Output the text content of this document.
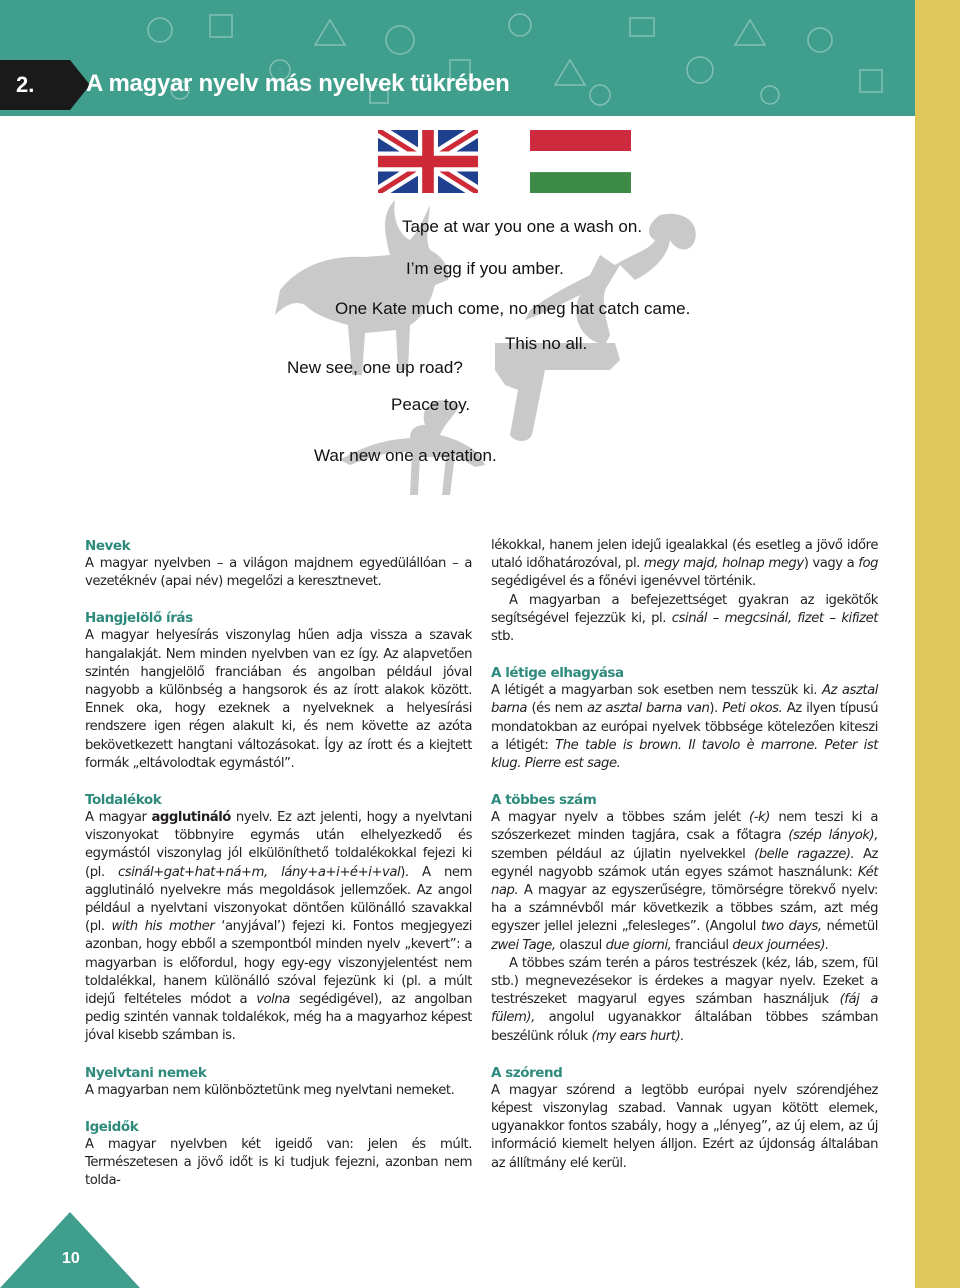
2. A magyar nyelv más nyelvek tükrében
Tape at war you one a wash on.
I’m egg if you amber.
One Kate much come, no meg hat catch came.
This no all.
New see, one up road?
Peace toy.
War new one a vetation.
Nevek

A magyar nyelvben – a világon majdnem egyedülállóan – a vezetéknév (apai név) megelőzi a keresztnevet.

Hangjelölő írás

A magyar helyesírás viszonylag hűen adja vissza a szavak hangalakját. Nem minden nyelvben van ez így. Az alapvetően szintén hangjelölő franciában és angolban például jóval nagyobb a különbség a hangsorok és az írott alakok között. Ennek oka, hogy ezeknek a nyelveknek a helyesírási rendszere igen régen alakult ki, és nem követte az azóta bekövetkezett hangtani változásokat. Így az írott és a kiejtett formák „eltávolodtak egymástól”.

Toldalékok

A magyar agglutináló nyelv. Ez azt jelenti, hogy a nyelvtani viszonyokat többnyire egymás után elhelyezkedő és egymástól viszonylag jól elkülöníthető toldalékokkal fejezi ki (pl. csinál+gat+hat+ná+m, lány+a+i+é+i+val). A nem agglutináló nyelvekre más megoldások jellemzőek. Az angol például a nyelvtani viszonyokat döntően különálló szavakkal (pl. with his mother ‘anyjával’) fejezi ki. Fontos megjegyezi azonban, hogy ebből a szempontból minden nyelv „kevert”: a magyarban is előfordul, hogy egy-egy viszonyjelentést nem toldalékkal, hanem különálló szóval fejezünk ki (pl. a múlt idejű feltételes módot a volna segédigével), az angolban pedig szintén vannak toldalékok, még ha a magyarhoz képest jóval kisebb számban is.

Nyelvtani nemek

A magyarban nem különböztetünk meg nyelvtani nemeket.

Igeidők

A magyar nyelvben két igeidő van: jelen és múlt. Természetesen a jövő időt is ki tudjuk fejezni, azonban nem tolda-

lékokkal, hanem jelen idejű igealakkal (és esetleg a jövő időre utaló időhatározóval, pl. megy majd, holnap megy) vagy a fog segédigével és a főnévi igenévvel történik.

A magyarban a befejezettséget gyakran az igekötők segítségével fejezzük ki, pl. csinál – megcsinál, fizet – kifizet stb.

A létige elhagyása

A létigét a magyarban sok esetben nem tesszük ki. Az asztal barna (és nem az asztal barna van). Peti okos. Az ilyen típusú mondatokban az európai nyelvek többsége kötelezően kiteszi a létigét: The table is brown. Il tavolo è marrone. Peter ist klug. Pierre est sage.

A többes szám

A magyar nyelv a többes szám jelét (-k) nem teszi ki a szószerkezet minden tagjára, csak a főtagra (szép lányok), szemben például az újlatin nyelvekkel (belle ragazze). Az egynél nagyobb számok után egyes számot használunk: Két nap. A magyar az egyszerűségre, tömörségre törekvő nyelv: ha a számnévből már következik a többes szám, azt még egyszer jellel jelezni „felesleges”. (Angolul two days, németül zwei Tage, olaszul due giorni, franciául deux journées).

A többes szám terén a páros testrészek (kéz, láb, szem, fül stb.) megnevezésekor is érdekes a magyar nyelv. Ezeket a testrészeket magyarul egyes számban használjuk (fáj a fülem), angolul ugyanakkor általában többes számban beszélünk róluk (my ears hurt).

A szórend

A magyar szórend a legtöbb európai nyelv szórendjéhez képest viszonylag szabad. Vannak ugyan kötött elemek, ugyanakkor fontos szabály, hogy a „lényeg”, az új elem, az új információ kiemelt helyen álljon. Ezért az újdonság általában az állítmány elé kerül.

10
